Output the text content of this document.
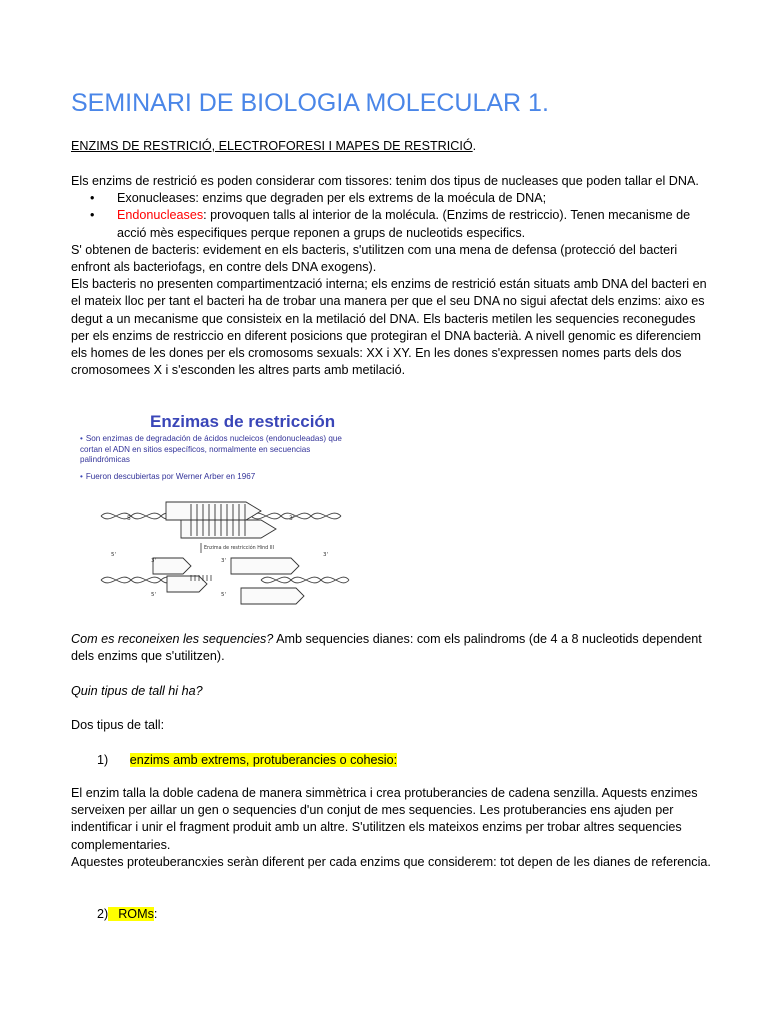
SEMINARI DE BIOLOGIA MOLECULAR 1.
ENZIMS DE RESTRICIÓ, ELECTROFORESI I MAPES DE RESTRICIÓ.

Els enzims de restrició es poden considerar com tissores: tenim dos tipus de nucleases que poden tallar el DNA.

• Exonucleases: enzims que degraden per els extrems de la moécula de DNA;
• Endonucleases: provoquen talls al interior de la molécula. (Enzims de restriccio). Tenen mecanisme de acció mès especifiques perque reponen a grups de nucleotids especifics.

S' obtenen de bacteris: evidement en els bacteris, s'utilitzen com una mena de defensa (protecció del bacteri enfront als bacteriofags, en contre dels DNA exogens).

Els bacteris no presenten compartimentzació interna; els enzims de restrició están situats amb DNA del bacteri en el mateix lloc per tant el bacteri ha de trobar una manera per que el seu DNA no sigui afectat dels enzims: aixo es degut a un mecanisme que consisteix en la metilació del DNA. Els bacteris metilen les sequencies reconegudes per els enzims de restriccio en diferent posicions que protegiran el DNA bacterià. A nivell genomic es diferenciem els homes de les dones per els cromosoms sexuals: XX i XY. En les dones s'expressen nomes parts dels dos cromosomees X i s'esconden les altres parts amb metilació.

Enzimas de restricción
• Son enzimas de degradación de ácidos nucleicos (endonucleadas) que cortan el ADN en sitios específicos, normalmente en secuencias palindrómicas
• Fueron descubiertas por Werner Arber en 1967
5'	3'
Enzima de restricción Hind III
3'
5'
3'
5'
5'	3'

Com es reconeixen les sequencies? Amb sequencies dianes: com els palindroms (de 4 a 8 nucleotids dependent dels enzims que s'utilitzen).

Quin tipus de tall hi ha?
Dos tipus de tall:
1) enzims amb extrems, protuberancies o cohesio:

El enzim talla la doble cadena de manera simmètrica i crea protuberancies de cadena senzilla. Aquests enzimes serveixen per aillar un gen o sequencies d'un conjut de mes sequencies. Les protuberancies ens ajuden per indentificar i unir el fragment produit amb un altre. S'utilitzen els mateixos enzims per trobar altres sequencies complementaries.

Aquestes proteuberancxies seràn diferent per cada enzims que considerem: tot depen de les dianes de referencia.

2) ROMs:
